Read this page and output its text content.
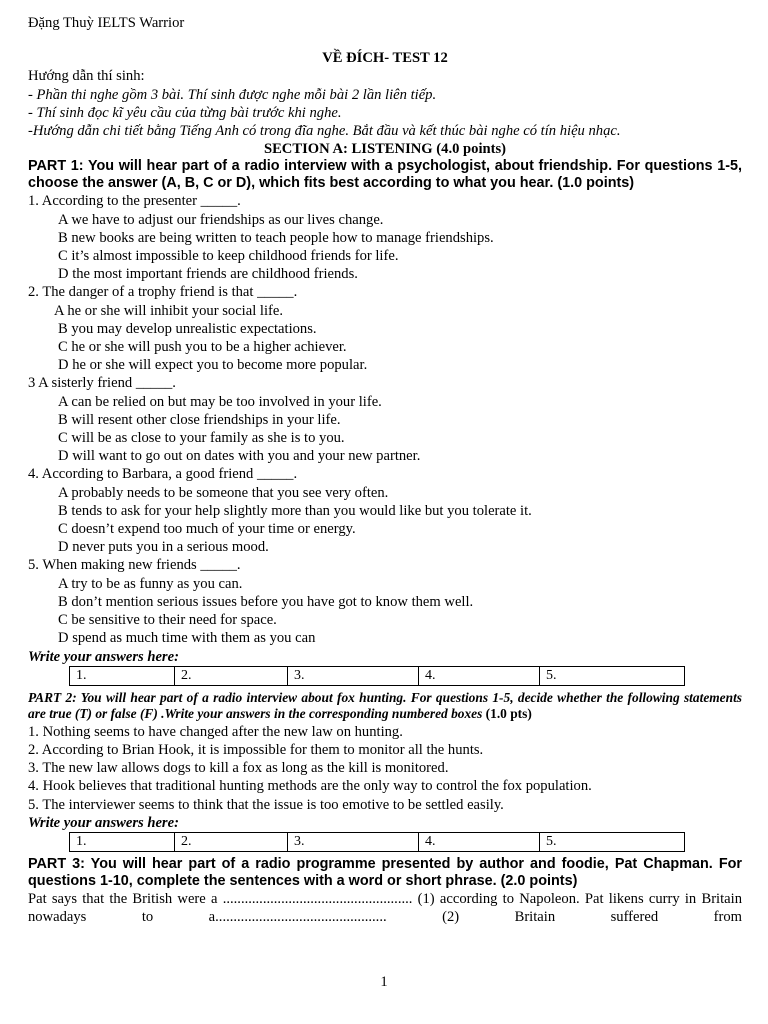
Đặng Thuỳ IELTS Warrior
VỀ ĐÍCH- TEST 12
Hướng dẫn thí sinh:
- Phần thi nghe gồm 3 bài. Thí sinh được nghe mỗi bài 2 lần liên tiếp.
- Thí sinh đọc kĩ yêu cầu của từng bài trước khi nghe.
-Hướng dẫn chi tiết bằng Tiếng Anh có trong đĩa nghe. Bắt đầu và kết thúc bài nghe có tín hiệu nhạc.
SECTION A: LISTENING (4.0 points)
PART 1: You will hear part of a radio interview with a psychologist, about friendship. For questions 1-5, choose the answer (A, B, C or D), which fits best according to what you hear. (1.0 points)
1. According to the presenter _____.
A we have to adjust our friendships as our lives change.
B new books are being written to teach people how to manage friendships.
C it’s almost impossible to keep childhood friends for life.
D the most important friends are childhood friends.
2. The danger of a trophy friend is that _____.
A he or she will inhibit your social life.
B you may develop unrealistic expectations.
C he or she will push you to be a higher achiever.
D he or she will expect you to become more popular.
3 A sisterly friend _____.
A can be relied on but may be too involved in your life.
B will resent other close friendships in your life.
C will be as close to your family as she is to you.
D will want to go out on dates with you and your new partner.
4. According to Barbara, a good friend _____.
A probably needs to be someone that you see very often.
B tends to ask for your help slightly more than you would like but you tolerate it.
C doesn’t expend too much of your time or energy.
D never puts you in a serious mood.
5. When making new friends _____.
A try to be as funny as you can.
B don’t mention serious issues before you have got to know them well.
C be sensitive to their need for space.
D spend as much time with them as you can
Write your answers here:
1.	2.	3.	4.	5.
PART 2: You will hear part of a radio interview about fox hunting. For questions 1-5, decide whether the following statements are true (T) or false (F) .Write your answers in the corresponding numbered boxes (1.0 pts)
1. Nothing seems to have changed after the new law on hunting.
2. According to Brian Hook, it is impossible for them to monitor all the hunts.
3. The new law allows dogs to kill a fox as long as the kill is monitored.
4. Hook believes that traditional hunting methods are the only way to control the fox population.
5. The interviewer seems to think that the issue is too emotive to be settled easily.
Write your answers here:
1.	2.	3.	4.	5.
PART 3: You will hear part of a radio programme presented by author and foodie, Pat Chapman. For questions 1-10, complete the sentences with a word or short phrase. (2.0 points)
Pat says that the British were a .................................................... (1) according to Napoleon. Pat likens curry in Britain nowadays to a............................................... (2) Britain suffered from
1
